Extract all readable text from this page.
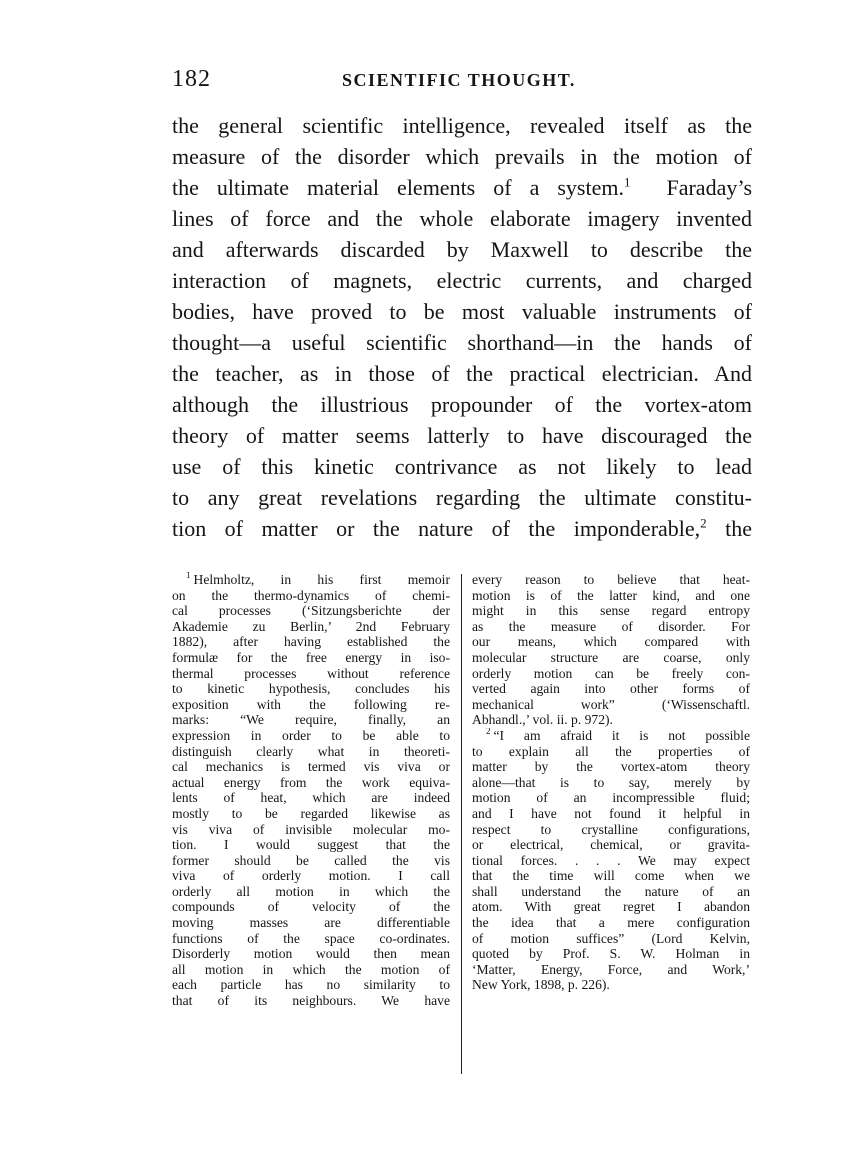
182	SCIENTIFIC THOUGHT.
the general scientific intelligence, revealed itself as the
measure of the disorder which prevails in the motion of
the ultimate material elements of a system.$^1$ Faraday’s
lines of force and the whole elaborate imagery invented
and afterwards discarded by Maxwell to describe the
interaction of magnets, electric currents, and charged
bodies, have proved to be most valuable instruments of
thought—a useful scientific shorthand—in the hands of
the teacher, as in those of the practical electrician. And
although the illustrious propounder of the vortex-atom
theory of matter seems latterly to have discouraged the
use of this kinetic contrivance as not likely to lead
to any great revelations regarding the ultimate constitu-
tion of matter or the nature of the imponderable,$^2$ the
$^1$ Helmholtz, in his first memoir
on the thermo-dynamics of chemi-
cal processes (‘Sitzungsberichte der
Akademie zu Berlin,’ 2nd February
1882), after having established the
formulæ for the free energy in iso-
thermal processes without reference
to kinetic hypothesis, concludes his
exposition with the following re-
marks: “We require, finally, an
expression in order to be able to
distinguish clearly what in theoreti-
cal mechanics is termed vis viva or
actual energy from the work equiva-
lents of heat, which are indeed
mostly to be regarded likewise as
vis viva of invisible molecular mo-
tion. I would suggest that the
former should be called the vis
viva of orderly motion. I call
orderly all motion in which the
compounds of velocity of the
moving masses are differentiable
functions of the space co-ordinates.
Disorderly motion would then mean
all motion in which the motion of
each particle has no similarity to
that of its neighbours. We have
every reason to believe that heat-
motion is of the latter kind, and one
might in this sense regard entropy
as the measure of disorder. For
our means, which compared with
molecular structure are coarse, only
orderly motion can be freely con-
verted again into other forms of
mechanical work” (‘Wissenschaftl.
Abhandl.,’ vol. ii. p. 972).
$^2$ “I am afraid it is not possible
to explain all the properties of
matter by the vortex-atom theory
alone—that is to say, merely by
motion of an incompressible fluid;
and I have not found it helpful in
respect to crystalline configurations,
or electrical, chemical, or gravita-
tional forces. . . . We may expect
that the time will come when we
shall understand the nature of an
atom. With great regret I abandon
the idea that a mere configuration
of motion suffices” (Lord Kelvin,
quoted by Prof. S. W. Holman in
‘Matter, Energy, Force, and Work,’
New York, 1898, p. 226).
